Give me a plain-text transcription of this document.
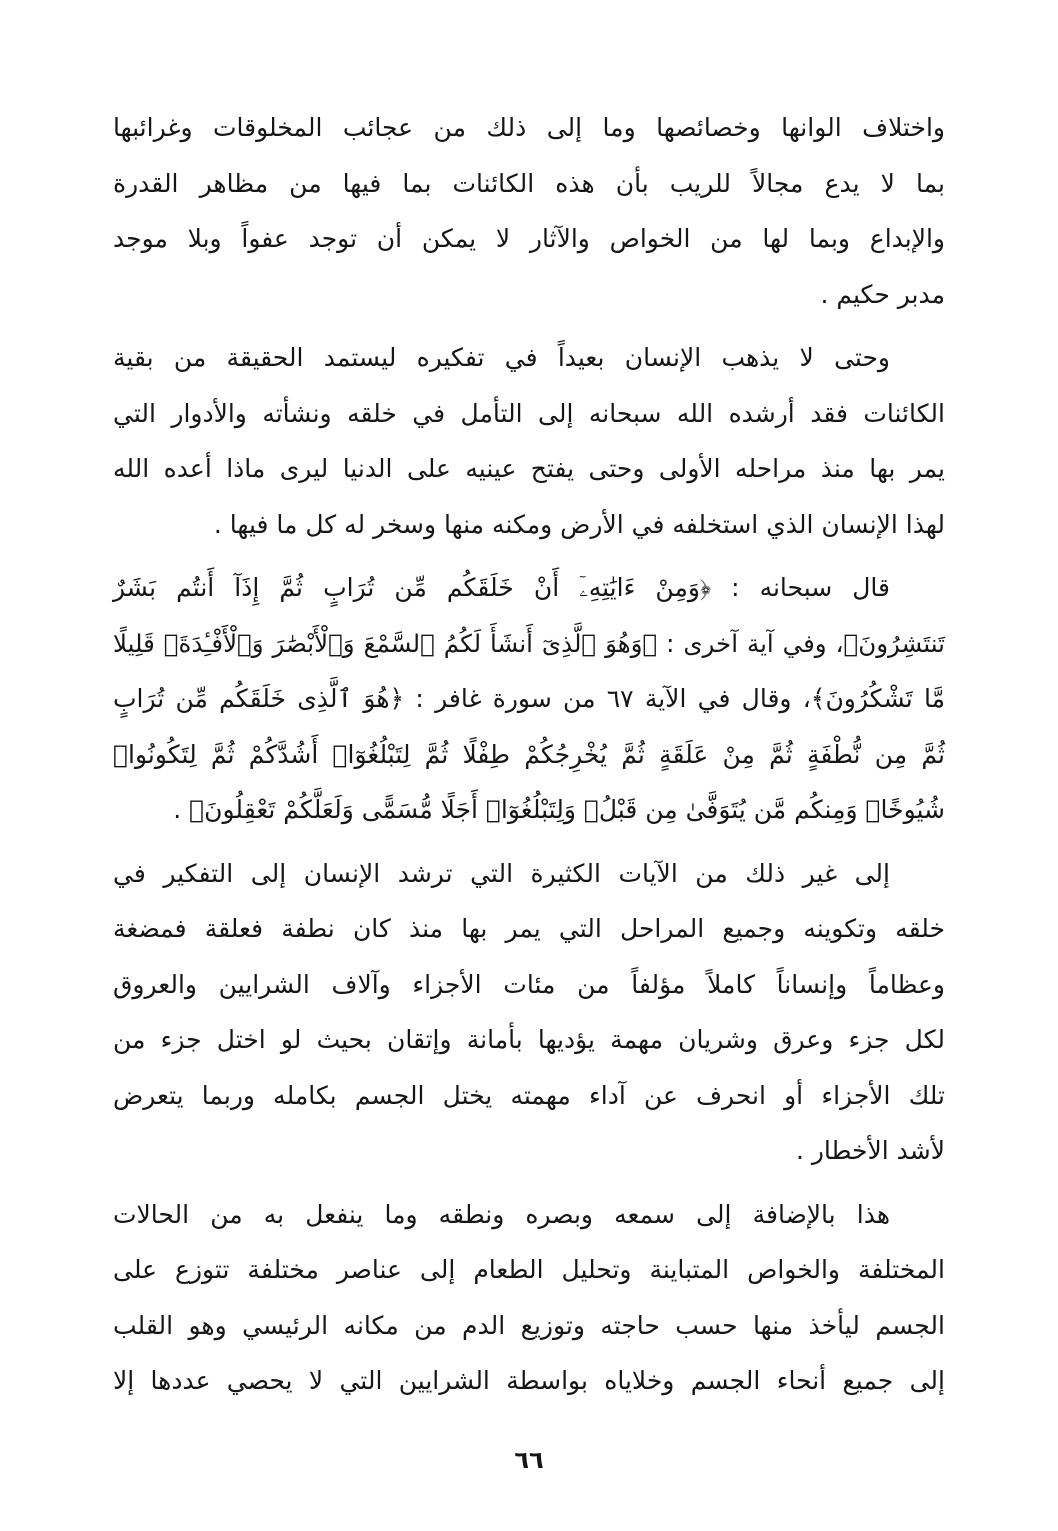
واختلاف الوانها وخصائصها وما إلى ذلك من عجائب المخلوقات وغرائبها
بما لا يدع مجالاً للريب بأن هذه الكائنات بما فيها من مظاهر القدرة
والإبداع وبما لها من الخواص والآثار لا يمكن أن توجد عفواً وبلا موجد
مدبر حكيم .
وحتى لا يذهب الإنسان بعيداً في تفكيره ليستمد الحقيقة من بقية
الكائنات فقد أرشده الله سبحانه إلى التأمل في خلقه ونشأته والأدوار التي
يمر بها منذ مراحله الأولى وحتى يفتح عينيه على الدنيا ليرى ماذا أعده الله
لهذا الإنسان الذي استخلفه في الأرض ومكنه منها وسخر له كل ما فيها .
قال سبحانه : ﴿وَمِنْ ءَايَٰتِهِۦٓ أَنْ خَلَقَكُم مِّن تُرَابٍ ثُمَّ إِذَآ أَنتُم بَشَرٌ
تَنتَشِرُونَ﴾، وفي آية آخرى : ﴿وَهُوَ ٱلَّذِىٓ أَنشَأَ لَكُمُ ٱلسَّمْعَ وَٱلْأَبْصَٰرَ وَٱلْأَفْـِٔدَةَۚ قَلِيلًا
مَّا تَشْكُرُونَ﴾، وقال في الآية ٦٧ من سورة غافر : ﴿هُوَ ٱلَّذِى خَلَقَكُم مِّن تُرَابٍ
ثُمَّ مِن نُّطْفَةٍ ثُمَّ مِنْ عَلَقَةٍ ثُمَّ يُخْرِجُكُمْ طِفْلًا ثُمَّ لِتَبْلُغُوٓا۟ أَشُدَّكُمْ ثُمَّ لِتَكُونُوا۟
شُيُوخًاۚ وَمِنكُم مَّن يُتَوَفَّىٰ مِن قَبْلُۖ وَلِتَبْلُغُوٓا۟ أَجَلًا مُّسَمًّى وَلَعَلَّكُمْ تَعْقِلُونَ﴾ .
إلى غير ذلك من الآيات الكثيرة التي ترشد الإنسان إلى التفكير في
خلقه وتكوينه وجميع المراحل التي يمر بها منذ كان نطفة فعلقة فمضغة
وعظاماً وإنساناً كاملاً مؤلفاً من مئات الأجزاء وآلاف الشرايين والعروق
لكل جزء وعرق وشريان مهمة يؤديها بأمانة وإتقان بحيث لو اختل جزء من
تلك الأجزاء أو انحرف عن آداء مهمته يختل الجسم بكامله وربما يتعرض
لأشد الأخطار .
هذا بالإضافة إلى سمعه وبصره ونطقه وما ينفعل به من الحالات
المختلفة والخواص المتباينة وتحليل الطعام إلى عناصر مختلفة تتوزع على
الجسم ليأخذ منها حسب حاجته وتوزيع الدم من مكانه الرئيسي وهو القلب
إلى جميع أنحاء الجسم وخلاياه بواسطة الشرايين التي لا يحصي عددها إلا
٦٦
